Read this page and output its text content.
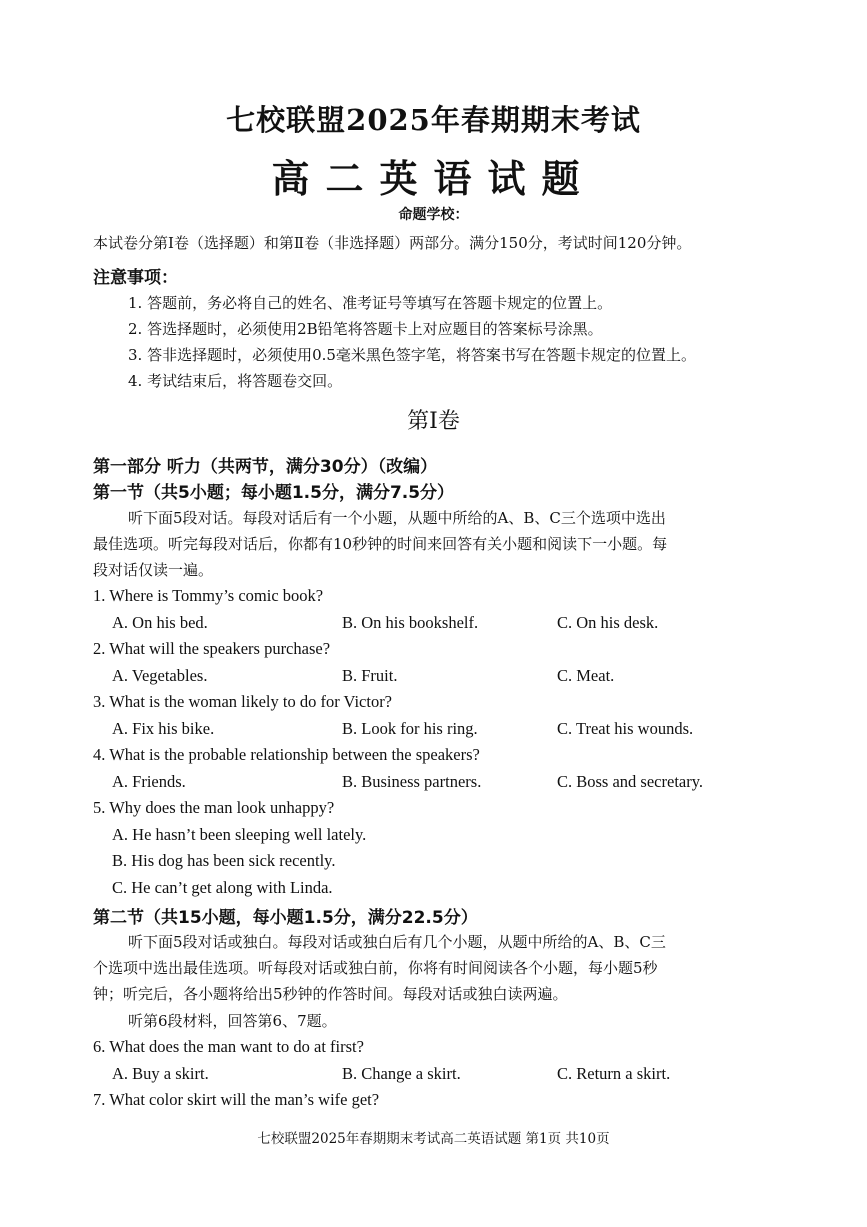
七校联盟2025年春期期末考试
高二英语试题
命题学校：
本试卷分第Ⅰ卷（选择题）和第Ⅱ卷（非选择题）两部分。满分150分，考试时间120分钟。
注意事项：
1. 答题前，务必将自己的姓名、准考证号等填写在答题卡规定的位置上。
2. 答选择题时，必须使用2B铅笔将答题卡上对应题目的答案标号涂黑。
3. 答非选择题时，必须使用0.5毫米黑色签字笔，将答案书写在答题卡规定的位置上。
4. 考试结束后，将答题卷交回。
第Ⅰ卷
第一部分 听力（共两节，满分30分）（改编）
第一节（共5小题；每小题1.5分，满分7.5分）
听下面5段对话。每段对话后有一个小题，从题中所给的A、B、C三个选项中选出
最佳选项。听完每段对话后，你都有10秒钟的时间来回答有关小题和阅读下一小题。每
段对话仅读一遍。
1. Where is Tommy’s comic book?
A. On his bed.	B. On his bookshelf.	C. On his desk.
2. What will the speakers purchase?
A. Vegetables.	B. Fruit.	C. Meat.
3. What is the woman likely to do for Victor?
A. Fix his bike.	B. Look for his ring.	C. Treat his wounds.
4. What is the probable relationship between the speakers?
A. Friends.	B. Business partners.	C. Boss and secretary.
5. Why does the man look unhappy?
A. He hasn’t been sleeping well lately.
B. His dog has been sick recently.
C. He can’t get along with Linda.
第二节（共15小题，每小题1.5分，满分22.5分）
听下面5段对话或独白。每段对话或独白后有几个小题，从题中所给的A、B、C三
个选项中选出最佳选项。听每段对话或独白前，你将有时间阅读各个小题，每小题5秒
钟；听完后，各小题将给出5秒钟的作答时间。每段对话或独白读两遍。
听第6段材料，回答第6、7题。
6. What does the man want to do at first?
A. Buy a skirt.	B. Change a skirt.	C. Return a skirt.
7. What color skirt will the man’s wife get?
七校联盟2025年春期期末考试高二英语试题 第1页 共10页
